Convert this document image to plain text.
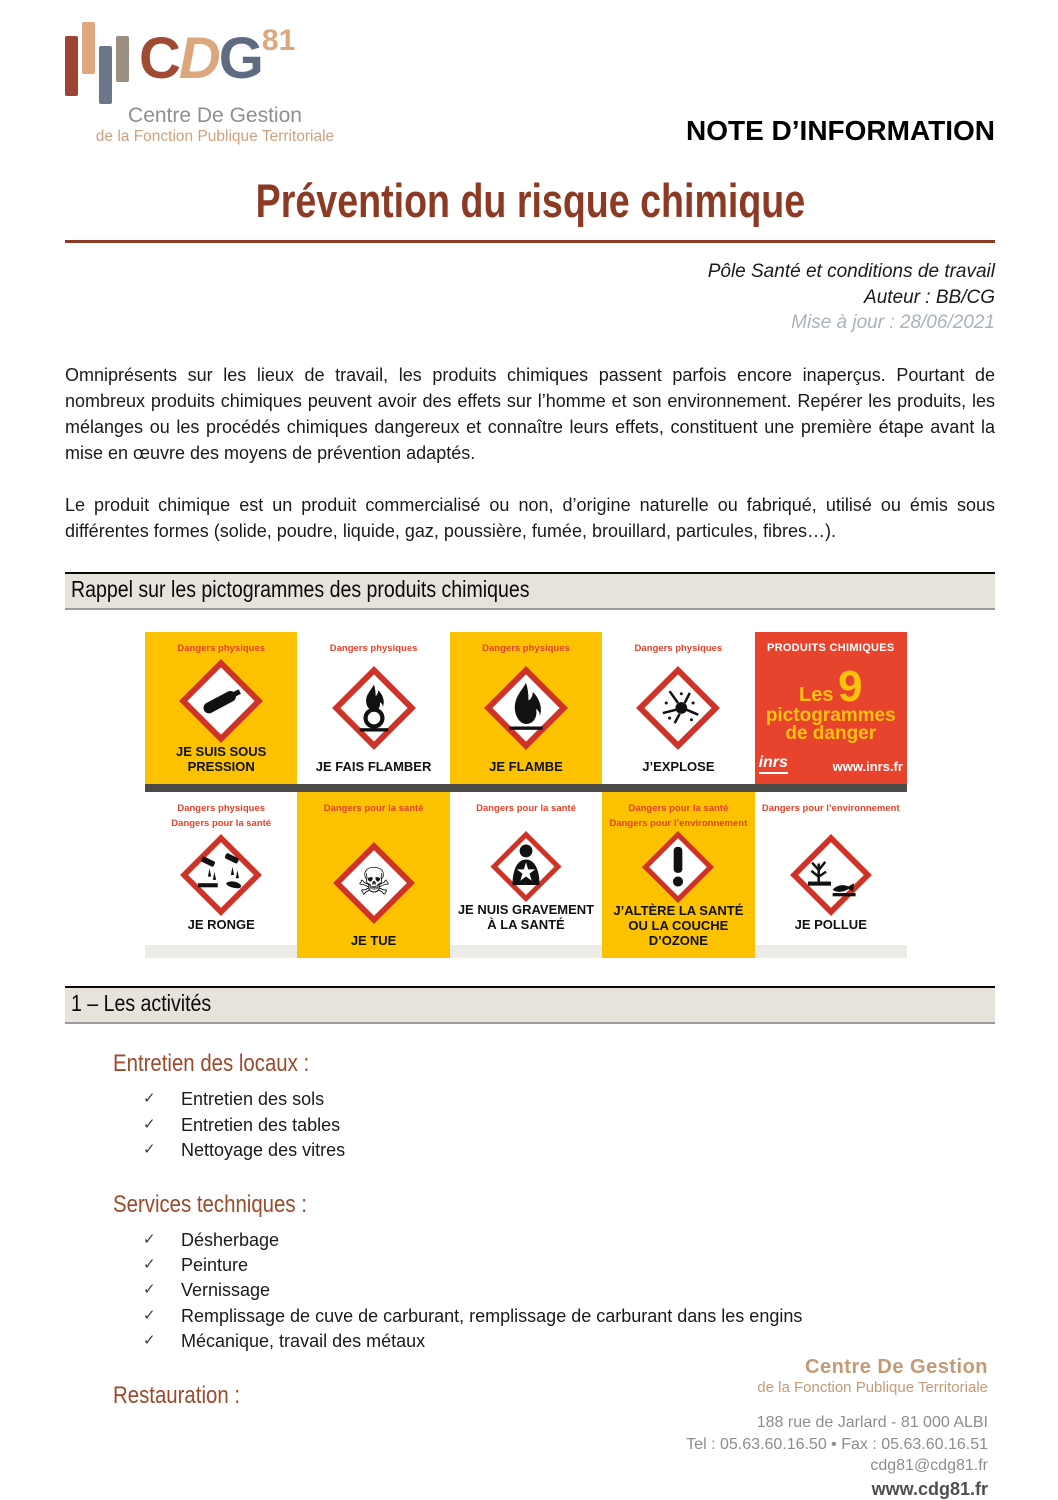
CDG$^{81}$
Centre De Gestion
de la Fonction Publique Territoriale	NOTE D’INFORMATION
Prévention du risque chimique
Pôle Santé et conditions de travail
Auteur : BB/CG
Mise à jour : 28/06/2021

Omniprésents sur les lieux de travail, les produits chimiques passent parfois encore inaperçus. Pourtant de nombreux produits chimiques peuvent avoir des effets sur l’homme et son environnement. Repérer les produits, les mélanges ou les procédés chimiques dangereux et connaître leurs effets, constituent une première étape avant la mise en œuvre des moyens de prévention adaptés.

Le produit chimique est un produit commercialisé ou non, d’origine naturelle ou fabriqué, utilisé ou émis sous différentes formes (solide, poudre, liquide, gaz, poussière, fumée, brouillard, particules, fibres…).

Rappel sur les pictogrammes des produits chimiques
Dangers physiques
JE SUIS SOUS PRESSION
Dangers physiques
JE FAIS FLAMBER
Dangers physiques
JE FLAMBE
Dangers physiques
J’EXPLOSE
PRODUITS CHIMIQUES
Les 9
pictogrammes
de danger
inrs	www.inrs.fr
Dangers physiques
Dangers pour la santé
JE RONGE
Dangers pour la santé
☠
JE TUE
Dangers pour la santé
JE NUIS GRAVEMENT À LA SANTÉ
Dangers pour la santé
Dangers pour l’environnement
J’ALTÈRE LA SANTÉ OU LA COUCHE D’OZONE
Dangers pour l’environnement
JE POLLUE
1 – Les activités
Entretien des locaux :
✓	Entretien des sols
✓	Entretien des tables
✓	Nettoyage des vitres
Services techniques :
✓	Désherbage
✓	Peinture
✓	Vernissage
✓	Remplissage de cuve de carburant, remplissage de carburant dans les engins
✓	Mécanique, travail des métaux
Restauration :
Centre De Gestion
de la Fonction Publique Territoriale
188 rue de Jarlard - 81 000 ALBI
Tel : 05.63.60.16.50 • Fax : 05.63.60.16.51
cdg81@cdg81.fr
www.cdg81.fr
